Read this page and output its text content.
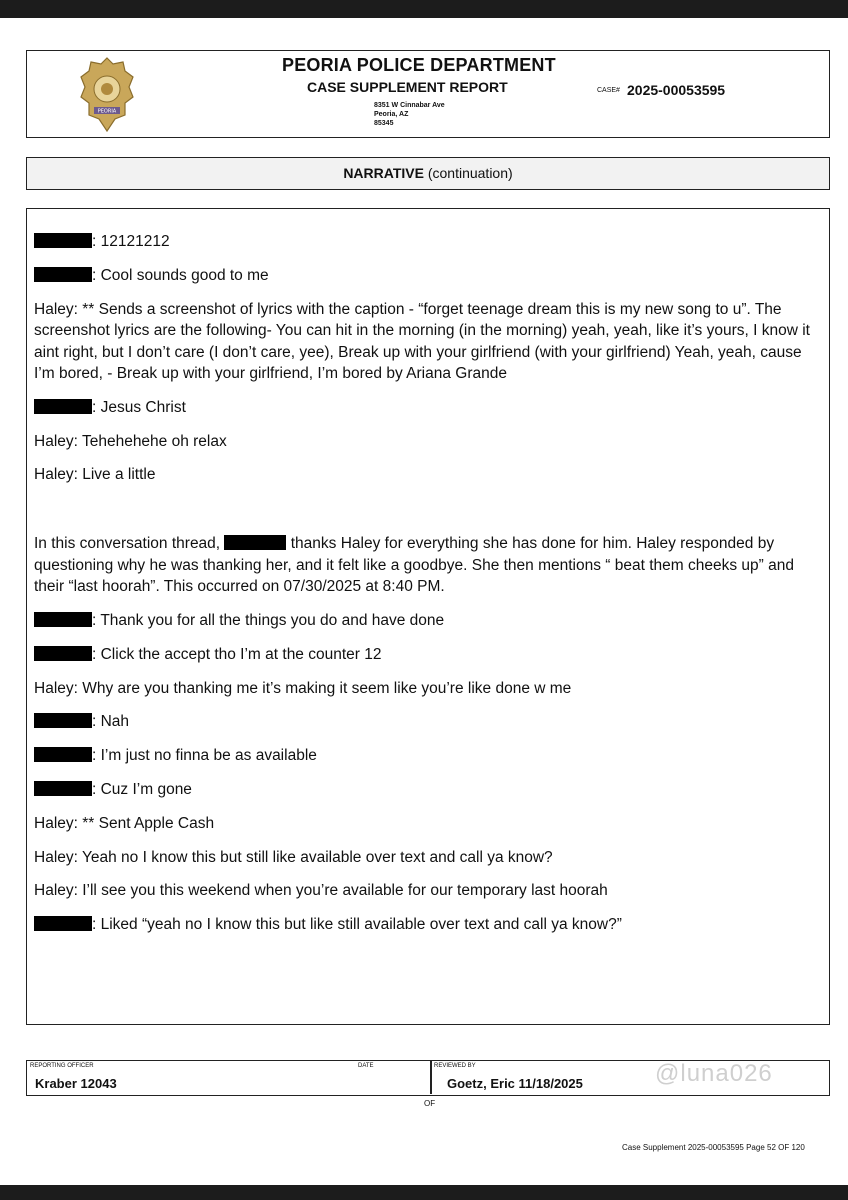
PEORIA
PEORIA POLICE DEPARTMENT
CASE SUPPLEMENT REPORT
8351 W Cinnabar Ave
Peoria, AZ
85345
CASE# 2025-00053595
NARRATIVE (continuation)
: 12121212
: Cool sounds good to me
Haley: ** Sends a screenshot of lyrics with the caption - “forget teenage dream this is my new song to u”. The screenshot lyrics are the following- You can hit in the morning (in the morning) yeah, yeah, like it’s yours, I know it aint right, but I don’t care (I don’t care, yee), Break up with your girlfriend (with your girlfriend) Yeah, yeah, cause I’m bored, - Break up with your girlfriend, I’m bored by Ariana Grande
: Jesus Christ
Haley: Tehehehehe oh relax
Haley: Live a little
In this conversation thread,	thanks Haley for everything she has done for him. Haley responded by questioning why he was thanking her, and it felt like a goodbye. She then mentions “ beat them cheeks up” and their “last hoorah”. This occurred on 07/30/2025 at 8:40 PM.
: Thank you for all the things you do and have done
: Click the accept tho I’m at the counter 12
Haley: Why are you thanking me it’s making it seem like you’re like done w me
: Nah
: I’m just no finna be as available
: Cuz I’m gone
Haley: ** Sent Apple Cash
Haley: Yeah no I know this but still like available over text and call ya know?
Haley: I’ll see you this weekend when you’re available for our temporary last hoorah
: Liked “yeah no I know this but like still available over text and call ya know?”
REPORTING OFFICER
Kraber 12043
DATE	REVIEWED BY
Goetz, Eric 11/18/2025
OF
@luna026
Case Supplement 2025-00053595 Page 52 OF 120
